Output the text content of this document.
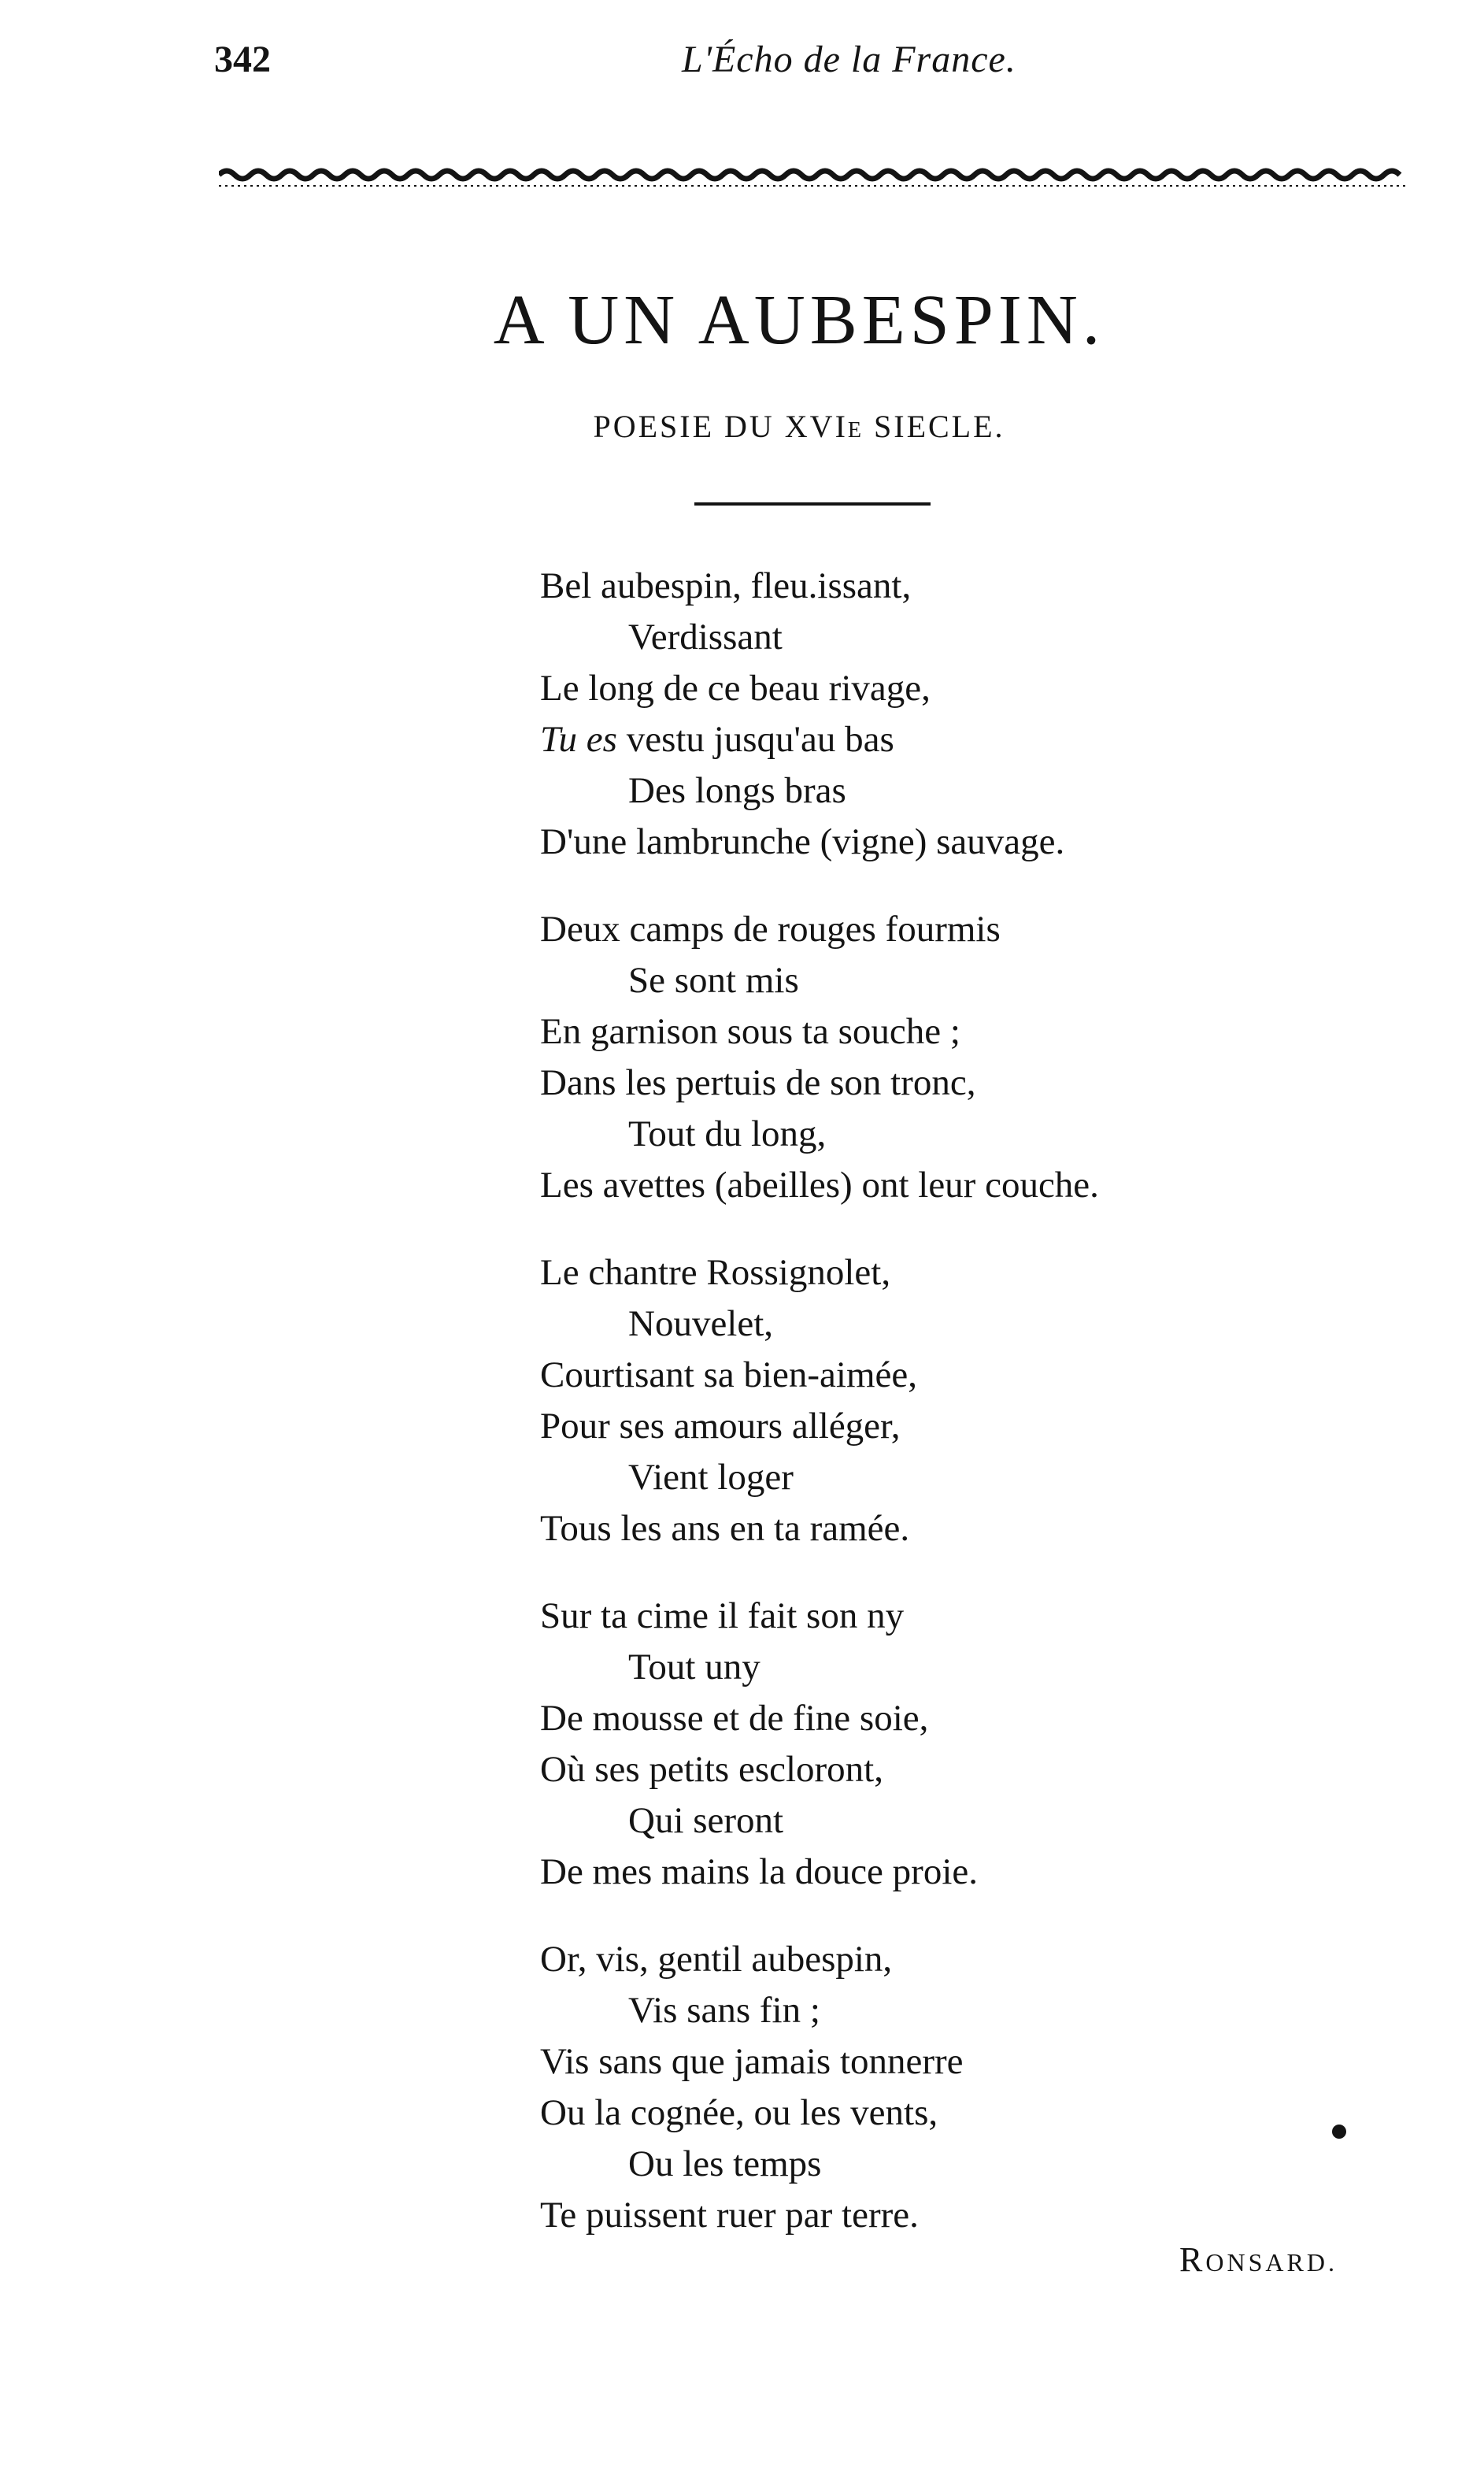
342	L'Écho de la France.
A UN AUBESPIN.
POESIE DU XVIE SIECLE.
Bel aubespin, fleu.issant,
Verdissant
Le long de ce beau rivage,
Tu es vestu jusqu'au bas
Des longs bras
D'une lambrunche (vigne) sauvage.
Deux camps de rouges fourmis
Se sont mis
En garnison sous ta souche ;
Dans les pertuis de son tronc,
Tout du long,
Les avettes (abeilles) ont leur couche.
Le chantre Rossignolet,
Nouvelet,
Courtisant sa bien-aimée,
Pour ses amours alléger,
Vient loger
Tous les ans en ta ramée.
Sur ta cime il fait son ny
Tout uny
De mousse et de fine soie,
Où ses petits escloront,
Qui seront
De mes mains la douce proie.
Or, vis, gentil aubespin,
Vis sans fin ;
Vis sans que jamais tonnerre
Ou la cognée, ou les vents,
Ou les temps
Te puissent ruer par terre.
RONSARD.
